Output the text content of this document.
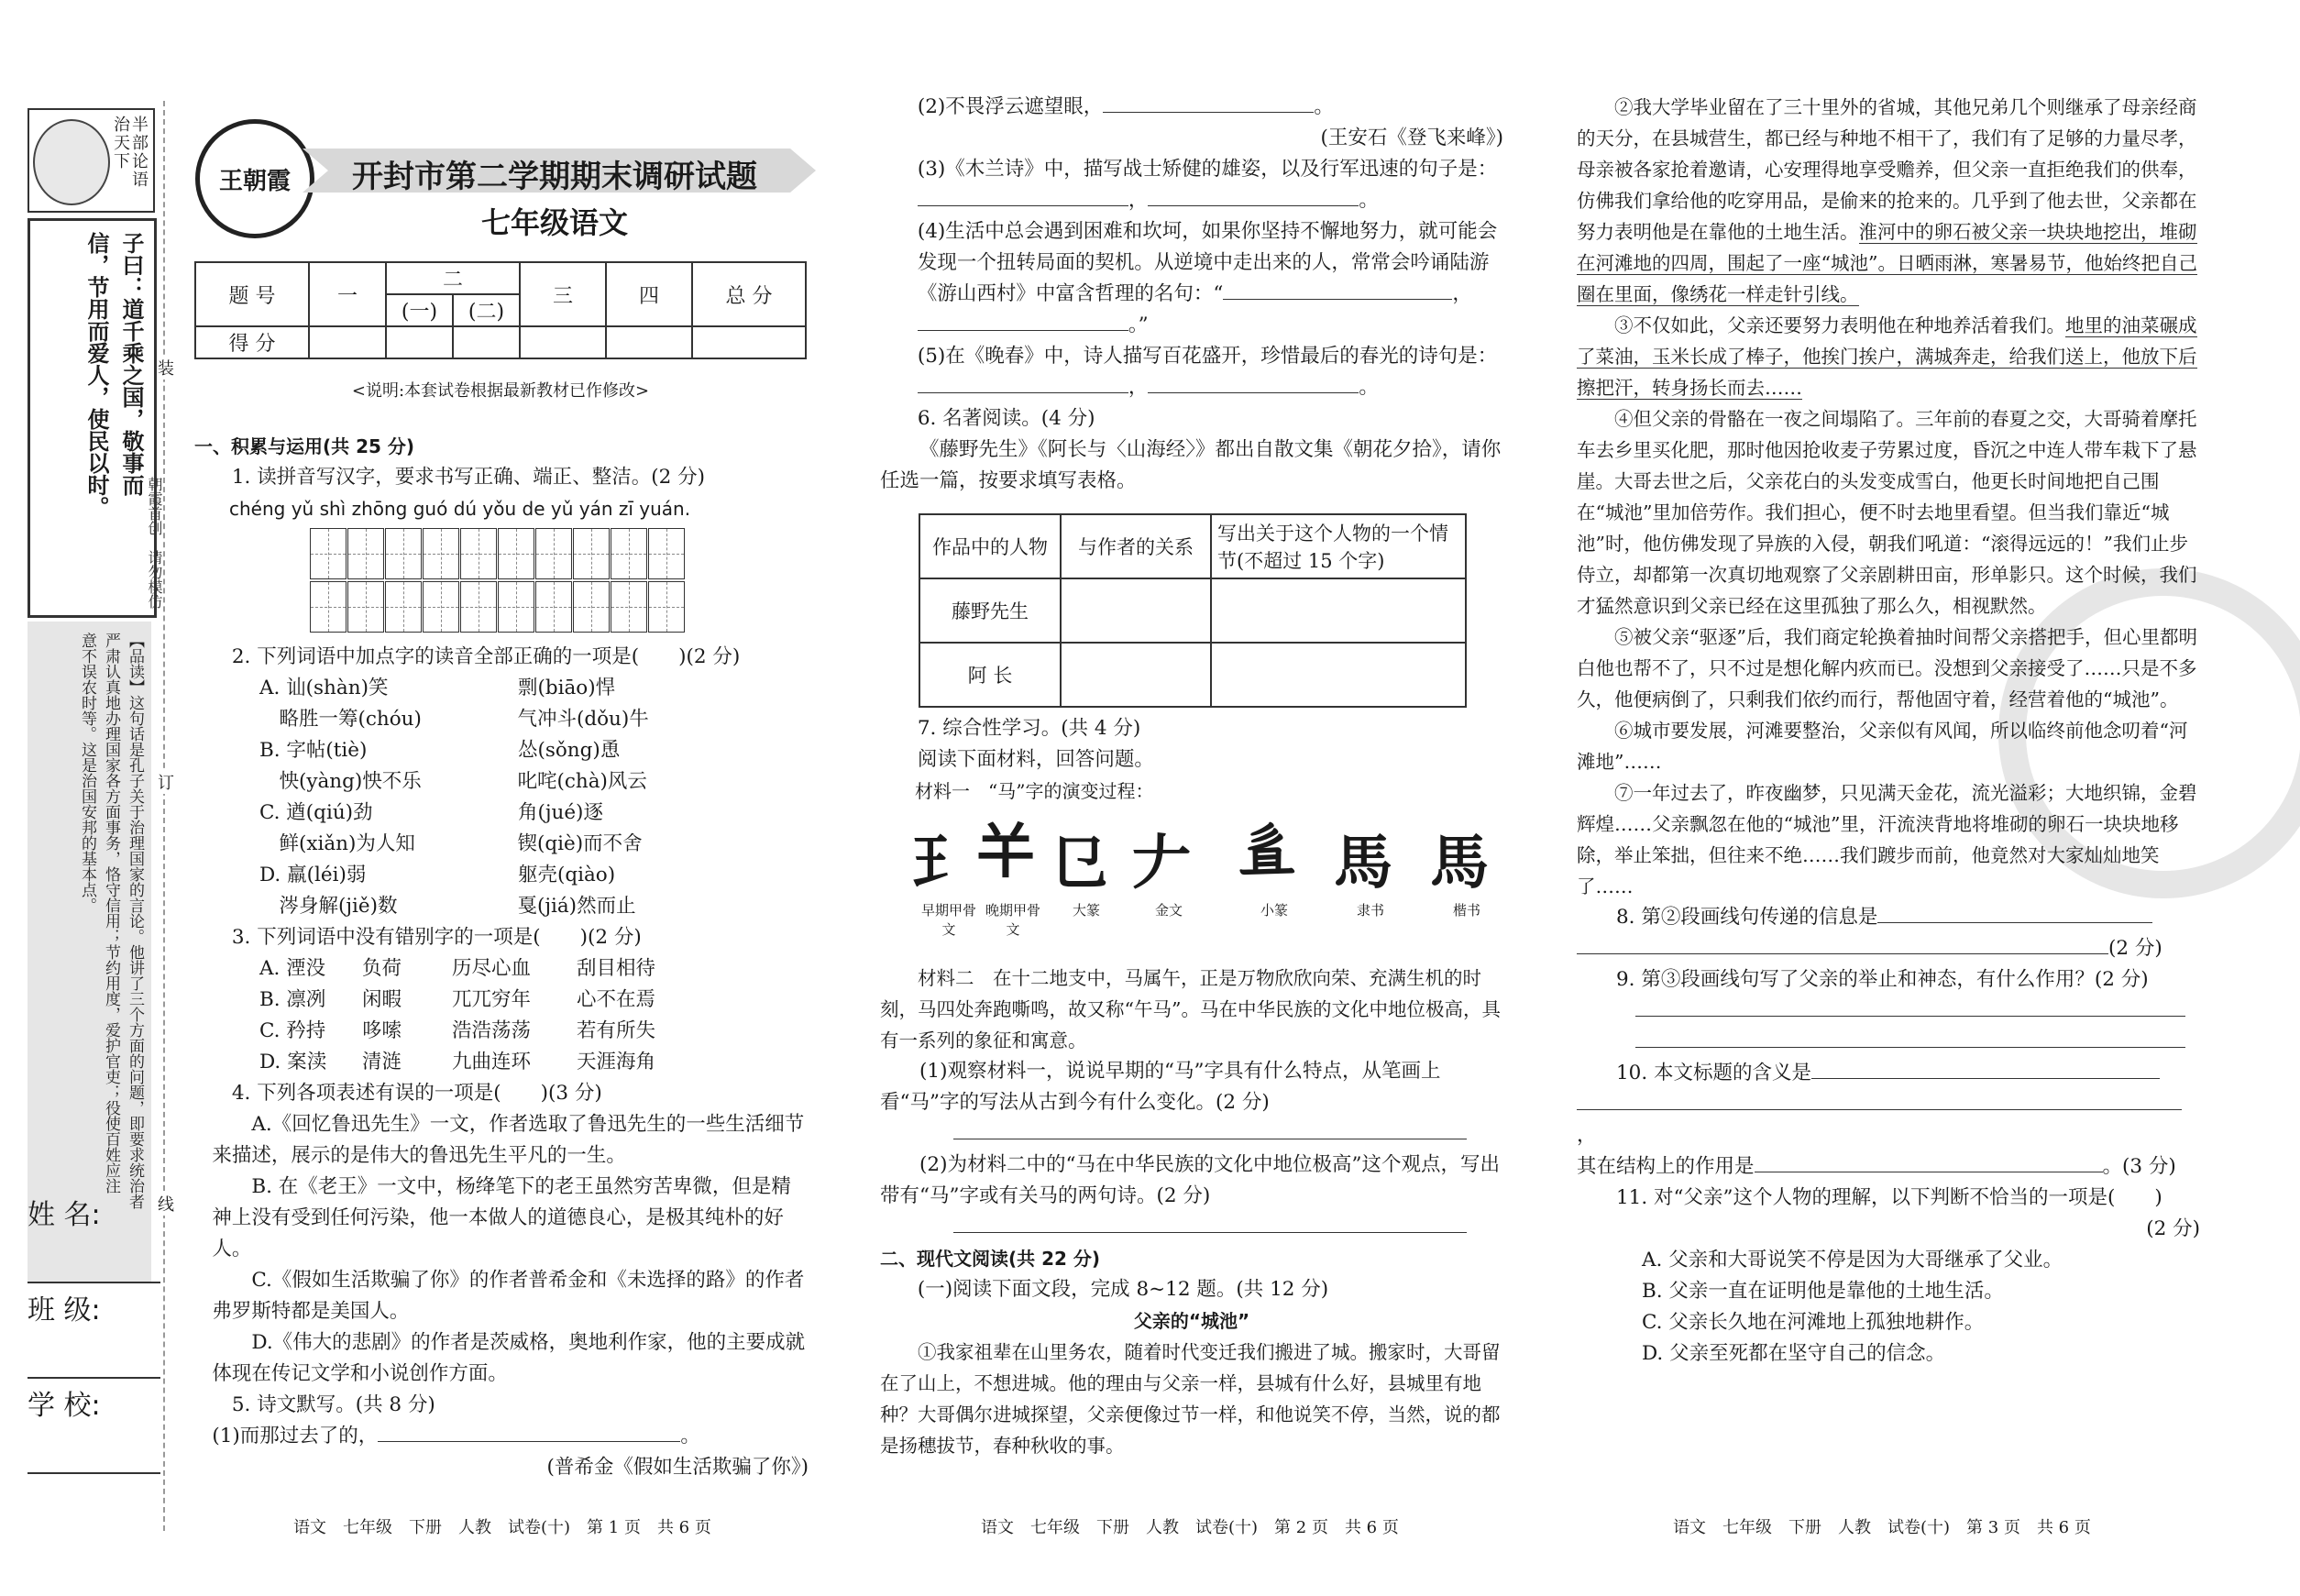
半部论语
治天下
子曰：道千乘之国，敬事而
信，节用而爱人，使民以时。
【品读】这句话是孔子关于治理国家的言论。他讲了三个方面的问题，即要求统治者
严肃认真地办理国家各方面事务，恪守信用；节约用度，爱护官吏；役使百姓应注
意不误农时等。这是治国安邦的基本点。
装
订
线
朝霞首创　请勿模仿
姓 名:
班 级:
学 校:
王朝霞	开封市第二学期期末调研试题
七年级语文
题 号	一	二		三	四	总 分
		(一)	(二)			
得 分						
<说明:本套试卷根据最新教材已作修改>

一、积累与运用(共 25 分)

1. 读拼音写汉字，要求书写正确、端正、整洁。(2 分)

chéng yǔ shì zhōng guó dú yǒu de yǔ yán zī yuán.

2. 下列词语中加点字的读音全部正确的一项是(　　)(2 分)

A. 讪(shàn)笑	剽(biāo)悍

略胜一筹(chóu)	气冲斗(dǒu)牛

B. 字帖(tiè)	怂(sǒng)恿

怏(yàng)怏不乐	叱咤(chà)风云

C. 遒(qiú)劲	角(jué)逐

鲜(xiǎn)为人知	锲(qiè)而不舍

D. 羸(léi)弱	躯壳(qiào)

涔身解(jiě)数	戛(jiá)然而止

3. 下列词语中没有错别字的一项是(　　)(2 分)

A. 湮没 负荷	历尽心血 刮目相待

B. 凛冽 闲暇	兀兀穷年 心不在焉

C. 矜持 哆嗦	浩浩荡荡 若有所失

D. 案渎 清涟	九曲连环 天涯海角

4. 下列各项表述有误的一项是(　　)(3 分)

A.《回忆鲁迅先生》一文，作者选取了鲁迅先生的一些生活细节来描述，展示的是伟大的鲁迅先生平凡的一生。

B. 在《老王》一文中，杨绛笔下的老王虽然穷苦卑微，但是精神上没有受到任何污染，他一本做人的道德良心，是极其纯朴的好人。

C.《假如生活欺骗了你》的作者普希金和《未选择的路》的作者弗罗斯特都是美国人。

D.《伟大的悲剧》的作者是茨威格，奥地利作家，他的主要成就体现在传记文学和小说创作方面。

5. 诗文默写。(共 8 分)

(1)而那过去了的，	。

(普希金《假如生活欺骗了你》)

(2)不畏浮云遮望眼，	。

(王安石《登飞来峰》)

(3)《木兰诗》中，描写战士矫健的雄姿，以及行军迅速的句子是：，	。

(4)生活中总会遇到困难和坎坷，如果你坚持不懈地努力，就可能会发现一个扭转局面的契机。从逆境中走出来的人，常常会吟诵陆游《游山西村》中富含哲理的名句：“	，。”

(5)在《晚春》中，诗人描写百花盛开，珍惜最后的春光的诗句是：，	。

6. 名著阅读。(4 分)

《藤野先生》《阿长与〈山海经〉》都出自散文集《朝花夕拾》，请你任选一篇，按要求填写表格。

作品中的人物	与作者的关系	写出关于这个人物的一个情节(不超过 15 个字)
藤野先生		
阿 长		

7. 综合性学习。(共 4 分)

阅读下面材料，回答问题。

材料一　“马”字的演变过程：

𤣩
早期甲骨文
𢆉
晚期甲骨文
㔾
大篆
𠂇
金文
𢒉
小篆
馬
隶书
馬
楷书

材料二　在十二地支中，马属午，正是万物欣欣向荣、充满生机的时刻，马四处奔跑嘶鸣，故又称“午马”。马在中华民族的文化中地位极高，具有一系列的象征和寓意。

(1)观察材料一，说说早期的“马”字具有什么特点，从笔画上看“马”字的写法从古到今有什么变化。(2 分)

(2)为材料二中的“马在中华民族的文化中地位极高”这个观点，写出带有“马”字或有关马的两句诗。(2 分)

二、现代文阅读(共 22 分)

(一)阅读下面文段，完成 8~12 题。(共 12 分)

父亲的“城池”

①我家祖辈在山里务农，随着时代变迁我们搬进了城。搬家时，大哥留在了山上，不想进城。他的理由与父亲一样，县城有什么好，县城里有地种？大哥偶尔进城探望，父亲便像过节一样，和他说笑不停，当然，说的都是扬穗拔节，春种秋收的事。

②我大学毕业留在了三十里外的省城，其他兄弟几个则继承了母亲经商的天分，在县城营生，都已经与种地不相干了，我们有了足够的力量尽孝，母亲被各家抢着邀请，心安理得地享受赡养，但父亲一直拒绝我们的供奉，仿佛我们拿给他的吃穿用品，是偷来的抢来的。几乎到了他去世，父亲都在努力表明他是在靠他的土地生活。淮河中的卵石被父亲一块块地挖出，堆砌在河滩地的四周，围起了一座“城池”。日晒雨淋，寒暑易节，他始终把自己圈在里面，像绣花一样走针引线。

③不仅如此，父亲还要努力表明他在种地养活着我们。地里的油菜碾成了菜油，玉米长成了棒子，他挨门挨户，满城奔走，给我们送上，他放下后擦把汗，转身扬长而去……

④但父亲的骨骼在一夜之间塌陷了。三年前的春夏之交，大哥骑着摩托车去乡里买化肥，那时他因抢收麦子劳累过度，昏沉之中连人带车栽下了悬崖。大哥去世之后，父亲花白的头发变成雪白，他更长时间地把自己围在“城池”里加倍劳作。我们担心，便不时去地里看望。但当我们靠近“城池”时，他仿佛发现了异族的入侵，朝我们吼道：“滚得远远的！”我们止步侍立，却都第一次真切地观察了父亲剧耕田亩，形单影只。这个时候，我们才猛然意识到父亲已经在这里孤独了那么久，相视默然。

⑤被父亲“驱逐”后，我们商定轮换着抽时间帮父亲搭把手，但心里都明白他也帮不了，只不过是想化解内疚而已。没想到父亲接受了……只是不多久，他便病倒了，只剩我们依约而行，帮他固守着，经营着他的“城池”。

⑥城市要发展，河滩要整治，父亲似有风闻，所以临终前他念叨着“河滩地”……

⑦一年过去了，昨夜幽梦，只见满天金花，流光溢彩；大地织锦，金碧辉煌……父亲飘忽在他的“城池”里，汗流浃背地将堆砌的卵石一块块地移除，举止笨拙，但往来不绝……我们踱步而前，他竟然对大家灿灿地笑了……

8. 第②段画线句传递的信息是

(2 分)

9. 第③段画线句写了父亲的举止和神态，有什么作用？(2 分)

10. 本文标题的含义是

，

其在结构上的作用是	。(3 分)

11. 对“父亲”这个人物的理解，以下判断不恰当的一项是(　　)

(2 分)

A. 父亲和大哥说笑不停是因为大哥继承了父业。

B. 父亲一直在证明他是靠他的土地生活。

C. 父亲长久地在河滩地上孤独地耕作。

D. 父亲至死都在坚守自己的信念。

语文　七年级　下册　人教　试卷(十)　第 1 页　共 6 页	语文　七年级　下册　人教　试卷(十)　第 2 页　共 6 页	语文　七年级　下册　人教　试卷(十)　第 3 页　共 6 页
